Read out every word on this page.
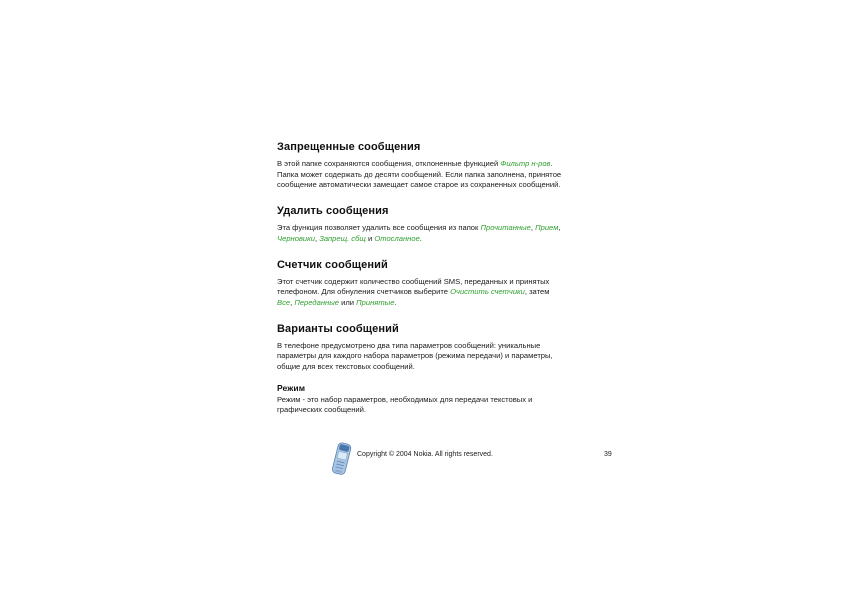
Запрещенные сообщения

В этой папке сохраняются сообщения, отклоненные функцией Фильтр н-ров. Папка может содержать до десяти сообщений. Если папка заполнена, принятое сообщение автоматически замещает самое старое из сохраненных сообщений.

Удалить сообщения

Эта функция позволяет удалить все сообщения из папок Прочитанные, Прием, Черновики, Запрещ. сбщ и Отосланное.

Счетчик сообщений

Этот счетчик содержит количество сообщений SMS, переданных и принятых телефоном. Для обнуления счетчиков выберите Очистить счетчики, затем Все, Переданные или Принятые.

Варианты сообщений

В телефоне предусмотрено два типа параметров сообщений: уникальные параметры для каждого набора параметров (режима передачи) и параметры, общие для всех текстовых сообщений.

Режим

Режим - это набор параметров, необходимых для передачи текстовых и графических сообщений.

Copyright © 2004 Nokia. All rights reserved.	39
